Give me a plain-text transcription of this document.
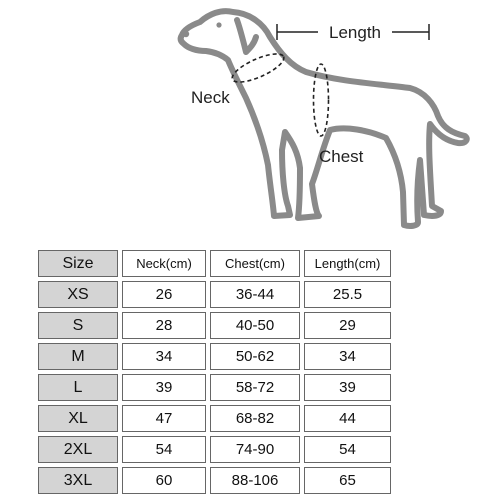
Length
Neck
Chest
Size	Neck(cm)	Chest(cm)	Length(cm)
XS	26	36-44	25.5
S	28	40-50	29
M	34	50-62	34
L	39	58-72	39
XL	47	68-82	44
2XL	54	74-90	54
3XL	60	88-106	65
